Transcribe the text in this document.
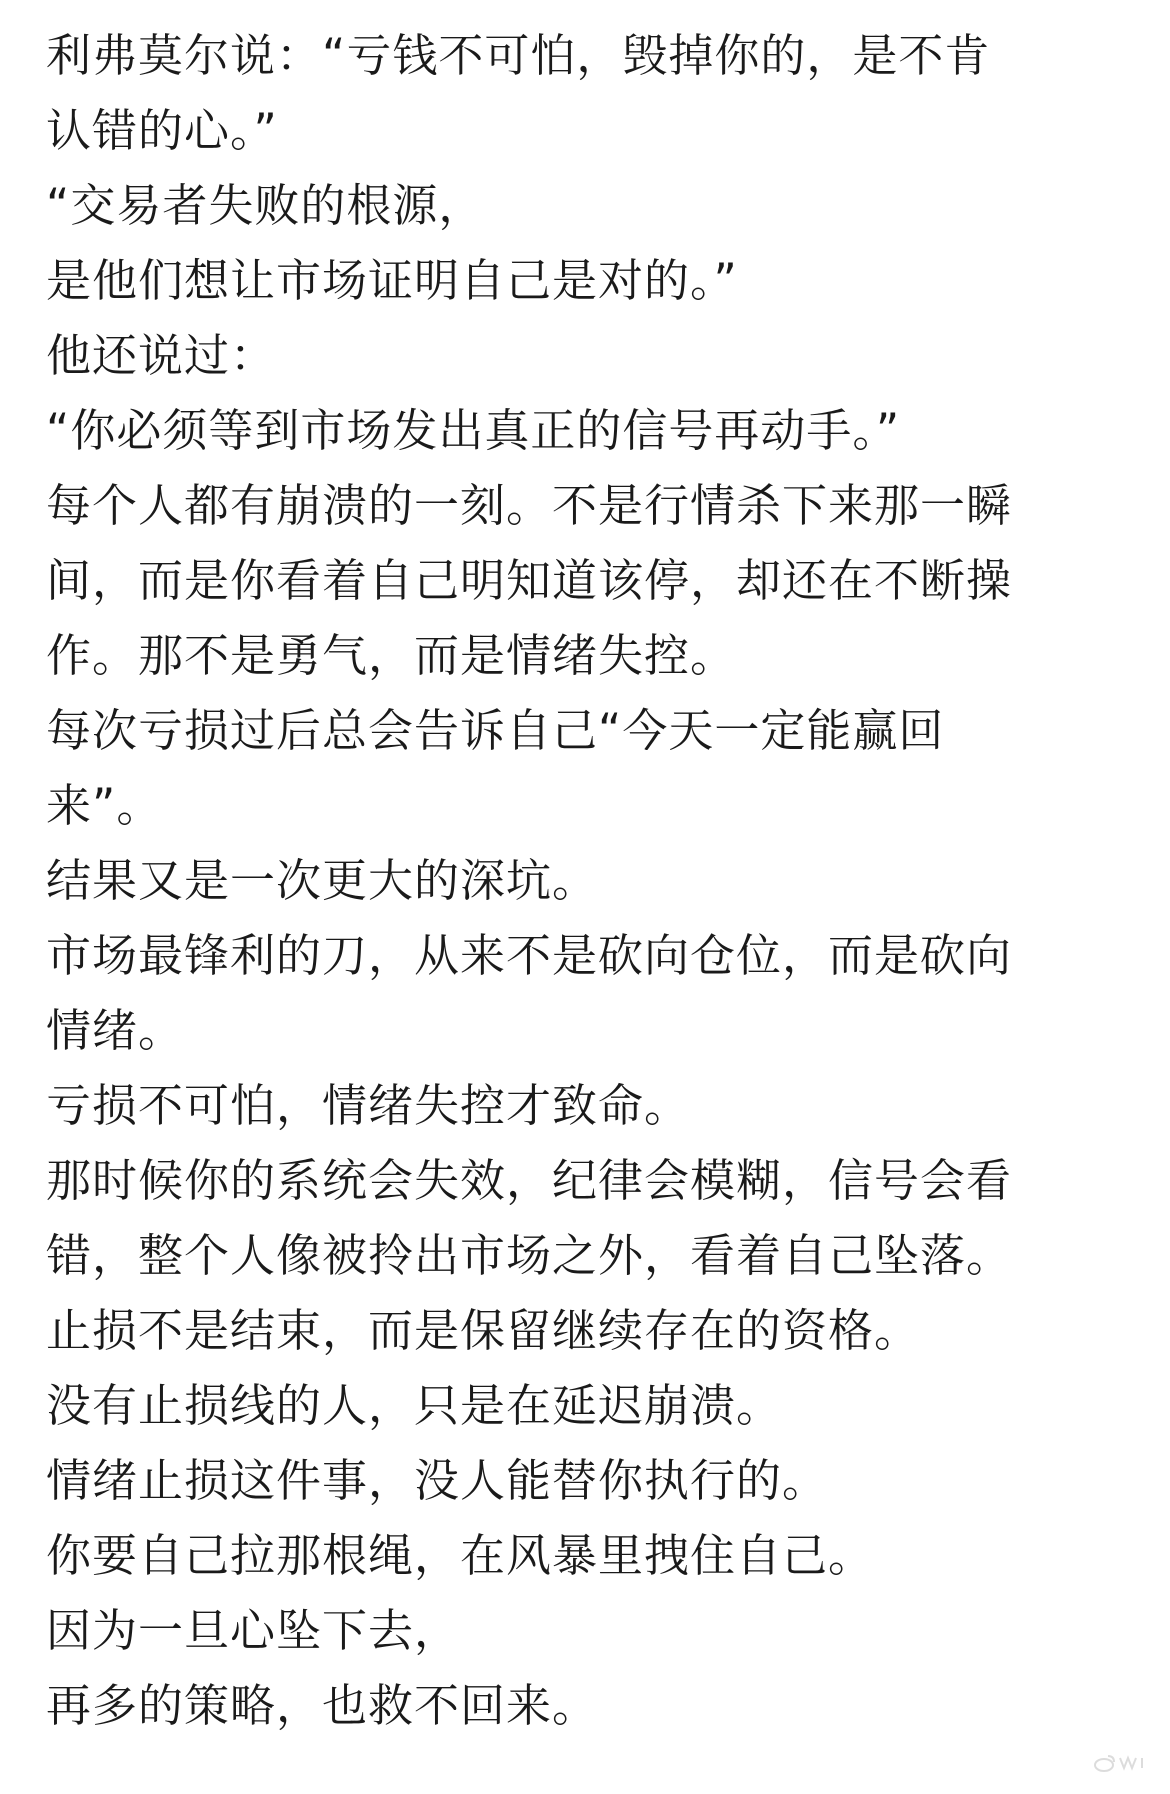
利弗莫尔说：“亏钱不可怕，毁掉你的，是不肯

认错的心。”

“交易者失败的根源，

是他们想让市场证明自己是对的。”

他还说过：

“你必须等到市场发出真正的信号再动手。”

每个人都有崩溃的一刻。不是行情杀下来那一瞬

间，而是你看着自己明知道该停，却还在不断操

作。那不是勇气，而是情绪失控。

每次亏损过后总会告诉自己“今天一定能赢回

来”。

结果又是一次更大的深坑。

市场最锋利的刀，从来不是砍向仓位，而是砍向

情绪。

亏损不可怕，情绪失控才致命。

那时候你的系统会失效，纪律会模糊，信号会看

错，整个人像被拎出市场之外，看着自己坠落。

止损不是结束，而是保留继续存在的资格。

没有止损线的人，只是在延迟崩溃。

情绪止损这件事，没人能替你执行的。

你要自己拉那根绳，在风暴里拽住自己。

因为一旦心坠下去，

再多的策略，也救不回来。
